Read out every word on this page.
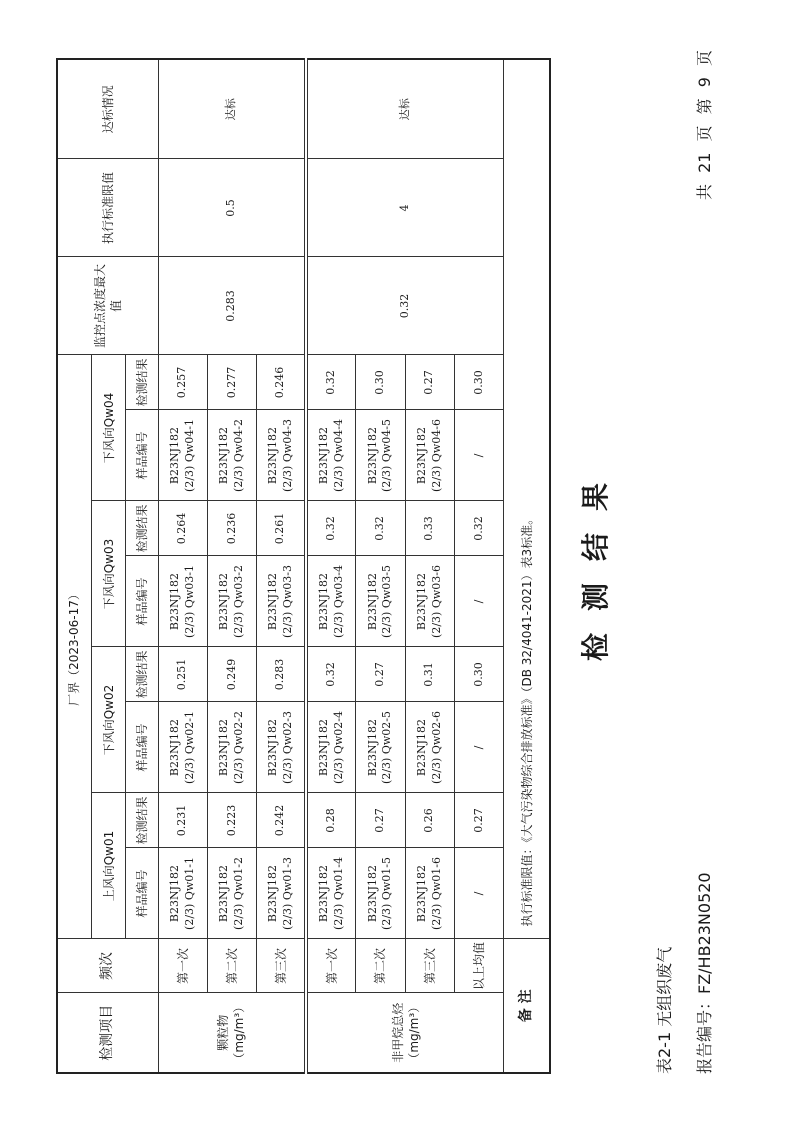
报告编号：FZ/HB23N0520
共 21 页 第 9 页
检测结果
表2-1 无组织废气
检测项目	频次	厂界（2023-06-17）								监控点浓度最大值	执行标准限值	达标情况
		上风向Qw01		下风向Qw02		下风向Qw03		下风向Qw04				
		样品编号	检测结果	样品编号	检测结果	样品编号	检测结果	样品编号	检测结果			

颗粒物 （mg/m³）	第一次	B23NJ182 (2/3) Qw01-1	0.231	B23NJ182 (2/3) Qw02-1	0.251	B23NJ182 (2/3) Qw03-1	0.264	B23NJ182 (2/3) Qw04-1	0.257	0.283	0.5	达标
	第二次	B23NJ182 (2/3) Qw01-2	0.223	B23NJ182 (2/3) Qw02-2	0.249	B23NJ182 (2/3) Qw03-2	0.236	B23NJ182 (2/3) Qw04-2	0.277			
	第三次	B23NJ182 (2/3) Qw01-3	0.242	B23NJ182 (2/3) Qw02-3	0.283	B23NJ182 (2/3) Qw03-3	0.261	B23NJ182 (2/3) Qw04-3	0.246			

非甲烷总烃 （mg/m³）	第一次	B23NJ182 (2/3) Qw01-4	0.28	B23NJ182 (2/3) Qw02-4	0.32	B23NJ182 (2/3) Qw03-4	0.32	B23NJ182 (2/3) Qw04-4	0.32	0.32	4	达标
	第二次	B23NJ182 (2/3) Qw01-5	0.27	B23NJ182 (2/3) Qw02-5	0.27	B23NJ182 (2/3) Qw03-5	0.32	B23NJ182 (2/3) Qw04-5	0.30			
	第三次	B23NJ182 (2/3) Qw01-6	0.26	B23NJ182 (2/3) Qw02-6	0.31	B23NJ182 (2/3) Qw03-6	0.33	B23NJ182 (2/3) Qw04-6	0.27			
	以上均值	/	0.27	/	0.30	/	0.32	/	0.30			
备 注		执行标准限值：《大气污染物综合排放标准》（DB 32/4041-2021）表3标准。										
